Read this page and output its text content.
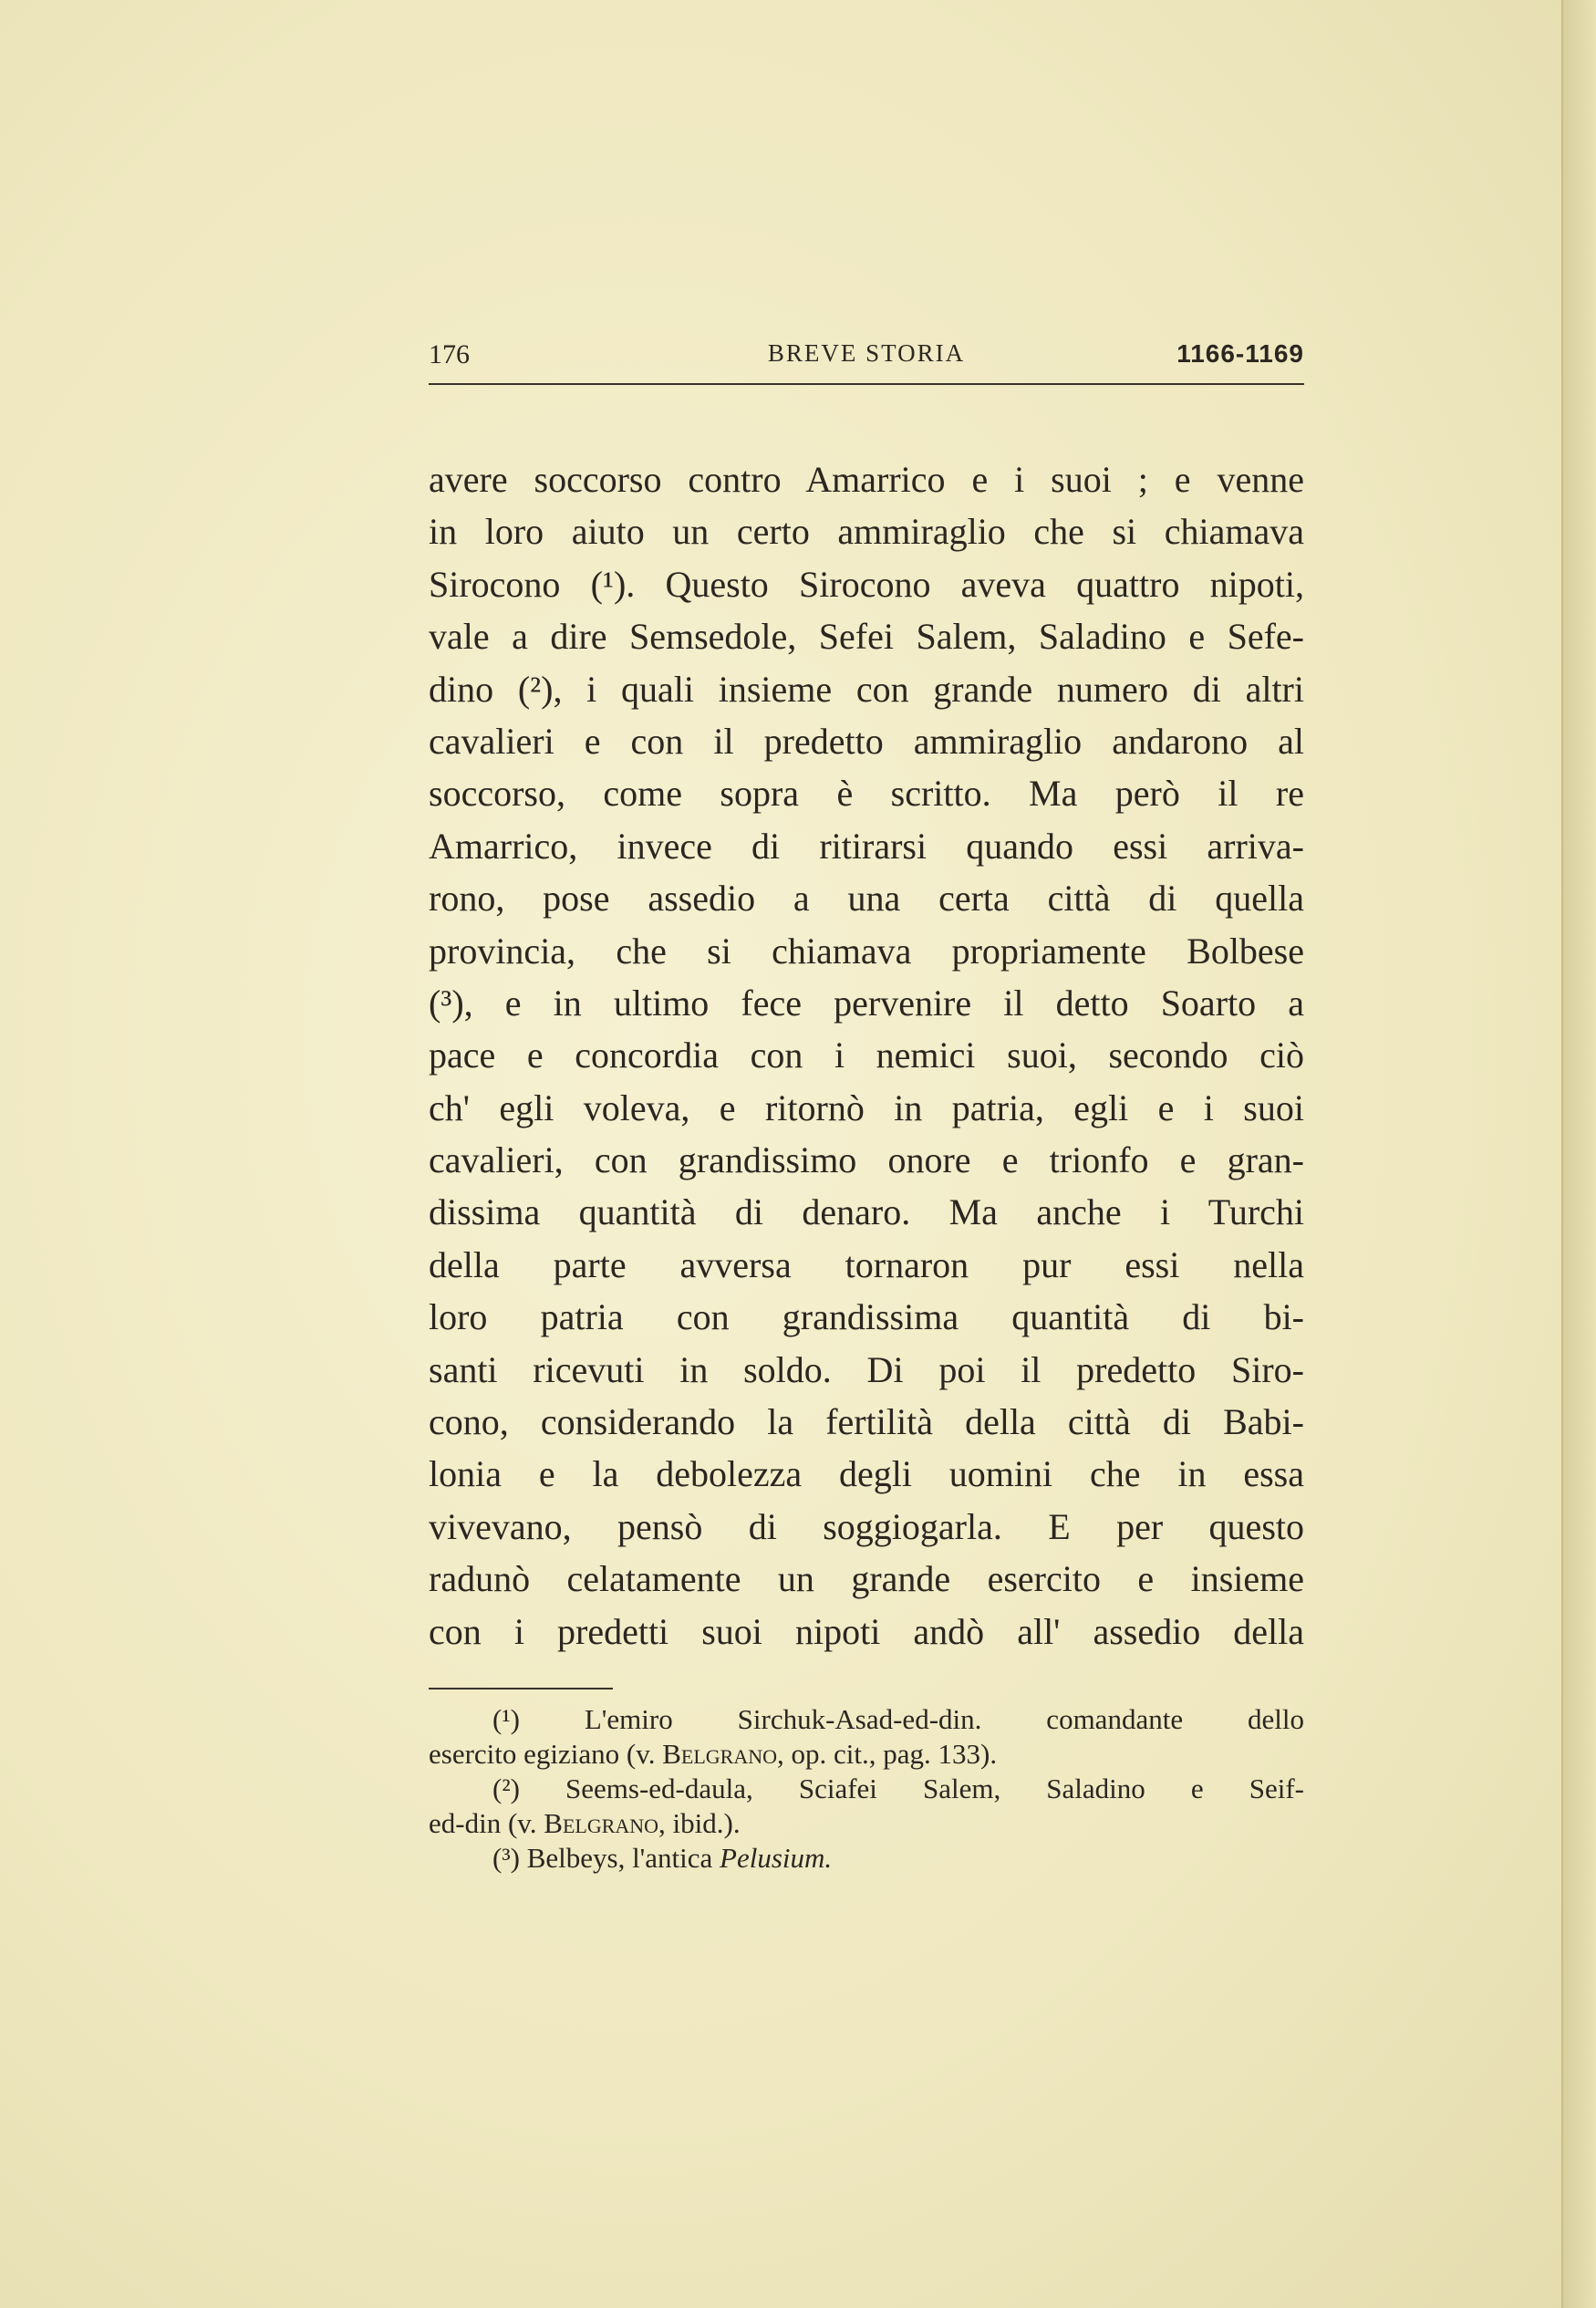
176	BREVE STORIA	1166-1169
avere soccorso contro Amarrico e i suoi ; e venne
in loro aiuto un certo ammiraglio che si chiamava
Sirocono (¹). Questo Sirocono aveva quattro nipoti,
vale a dire Semsedole, Sefei Salem, Saladino e Sefe-
dino (²), i quali insieme con grande numero di altri
cavalieri e con il predetto ammiraglio andarono al
soccorso, come sopra è scritto. Ma però il re
Amarrico, invece di ritirarsi quando essi arriva-
rono, pose assedio a una certa città di quella
provincia, che si chiamava propriamente Bolbese
(³), e in ultimo fece pervenire il detto Soarto a
pace e concordia con i nemici suoi, secondo ciò
ch' egli voleva, e ritornò in patria, egli e i suoi
cavalieri, con grandissimo onore e trionfo e gran-
dissima quantità di denaro. Ma anche i Turchi
della parte avversa tornaron pur essi nella
loro patria con grandissima quantità di bi-
santi ricevuti in soldo. Di poi il predetto Siro-
cono, considerando la fertilità della città di Babi-
lonia e la debolezza degli uomini che in essa
vivevano, pensò di soggiogarla. E per questo
radunò celatamente un grande esercito e insieme
con i predetti suoi nipoti andò all' assedio della
(¹) L'emiro Sirchuk-Asad-ed-din. comandante dello
esercito egiziano (v. Belgrano, op. cit., pag. 133).
(²) Seems-ed-daula, Sciafei Salem, Saladino e Seif-
ed-din (v. Belgrano, ibid.).
(³) Belbeys, l'antica Pelusium.
